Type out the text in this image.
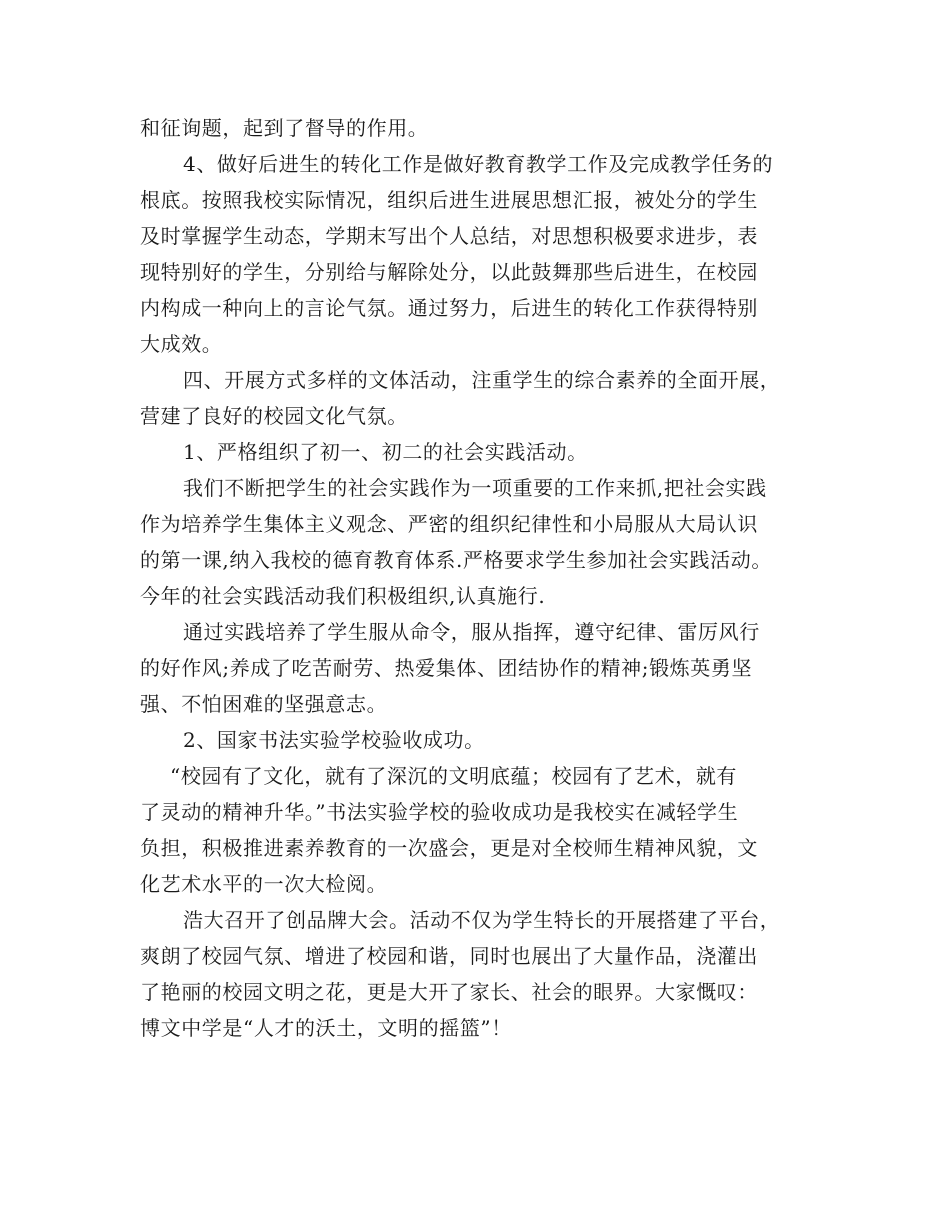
和征询题，起到了督导的作用。
4、做好后进生的转化工作是做好教育教学工作及完成教学任务的
根底。按照我校实际情况，组织后进生进展思想汇报，被处分的学生
及时掌握学生动态，学期末写出个人总结，对思想积极要求进步，表
现特别好的学生，分别给与解除处分，以此鼓舞那些后进生，在校园
内构成一种向上的言论气氛。通过努力，后进生的转化工作获得特别
大成效。
四、开展方式多样的文体活动，注重学生的综合素养的全面开展，
营建了良好的校园文化气氛。
1、严格组织了初一、初二的社会实践活动。
我们不断把学生的社会实践作为一项重要的工作来抓,把社会实践
作为培养学生集体主义观念、严密的组织纪律性和小局服从大局认识
的第一课,纳入我校的德育教育体系.严格要求学生参加社会实践活动。
今年的社会实践活动我们积极组织,认真施行.
通过实践培养了学生服从命令，服从指挥，遵守纪律、雷厉风行
的好作风;养成了吃苦耐劳、热爱集体、团结协作的精神;锻炼英勇坚
强、不怕困难的坚强意志。
2、国家书法实验学校验收成功。
“校园有了文化，就有了深沉的文明底蕴；校园有了艺术，就有
了灵动的精神升华。”书法实验学校的验收成功是我校实在减轻学生
负担，积极推进素养教育的一次盛会，更是对全校师生精神风貌，文
化艺术水平的一次大检阅。
浩大召开了创品牌大会。活动不仅为学生特长的开展搭建了平台，
爽朗了校园气氛、增进了校园和谐，同时也展出了大量作品，浇灌出
了艳丽的校园文明之花，更是大开了家长、社会的眼界。大家慨叹：
博文中学是“人才的沃土，文明的摇篮”！
